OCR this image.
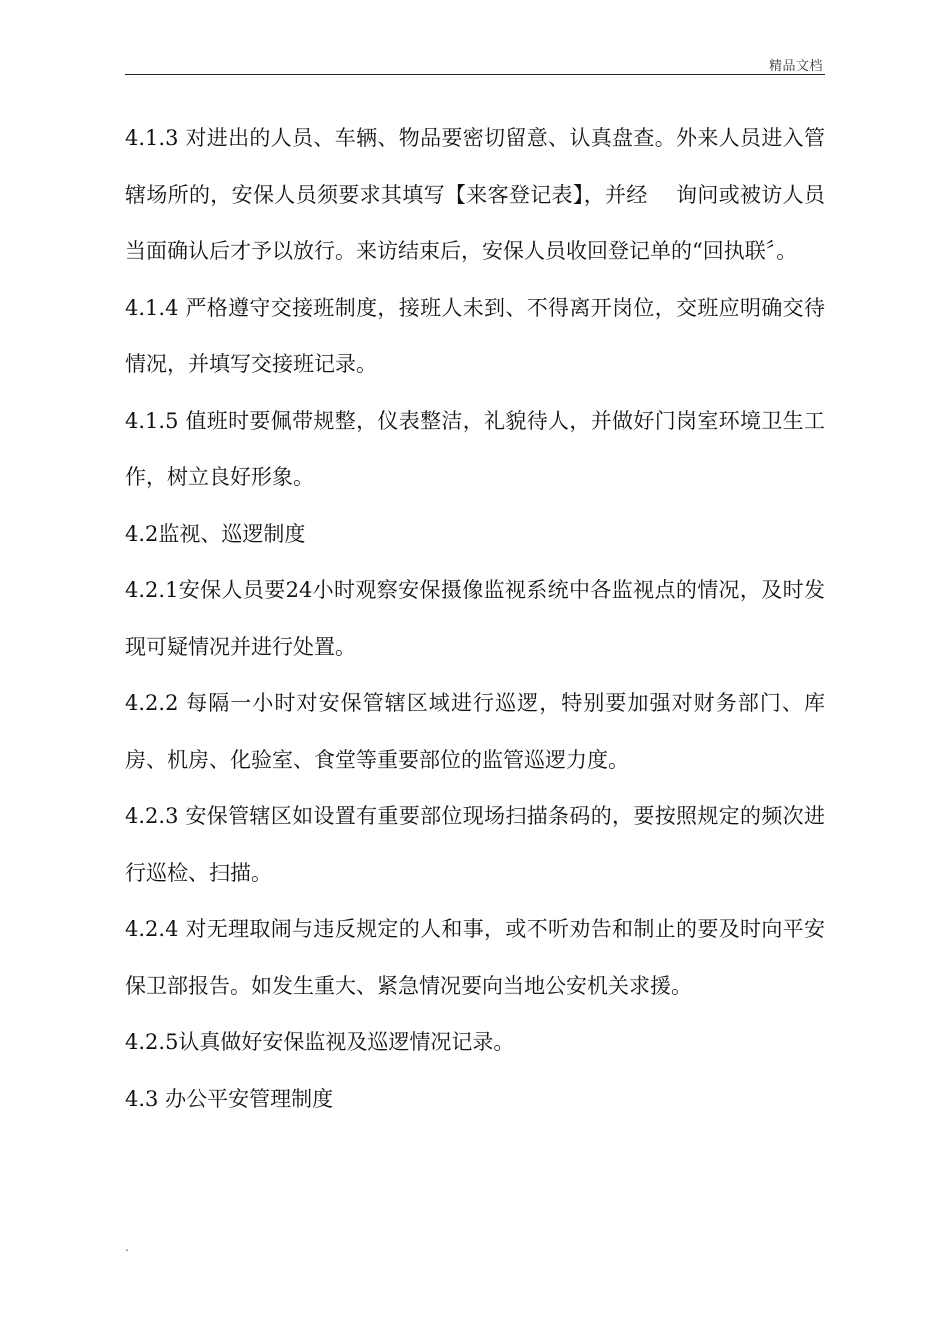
精品文档

4.1.3 对进出的人员、车辆、物品要密切留意、认真盘查。外来人员进入管辖场所的，安保人员须要求其填写【来客登记表】，并经　 询问或被访人员当面确认后才予以放行。来访结束后，安保人员收回登记单的“回执联〞。

4.1.4 严格遵守交接班制度，接班人未到、不得离开岗位，交班应明确交待情况，并填写交接班记录。

4.1.5 值班时要佩带规整，仪表整洁，礼貌待人，并做好门岗室环境卫生工作，树立良好形象。

4.2监视、巡逻制度

4.2.1安保人员要24小时观察安保摄像监视系统中各监视点的情况，及时发现可疑情况并进行处置。

4.2.2 每隔一小时对安保管辖区域进行巡逻，特别要加强对财务部门、库房、机房、化验室、食堂等重要部位的监管巡逻力度。

4.2.3 安保管辖区如设置有重要部位现场扫描条码的，要按照规定的频次进行巡检、扫描。

4.2.4 对无理取闹与违反规定的人和事，或不听劝告和制止的要及时向平安保卫部报告。如发生重大、紧急情况要向当地公安机关求援。

4.2.5认真做好安保监视及巡逻情况记录。

4.3 办公平安管理制度

.
